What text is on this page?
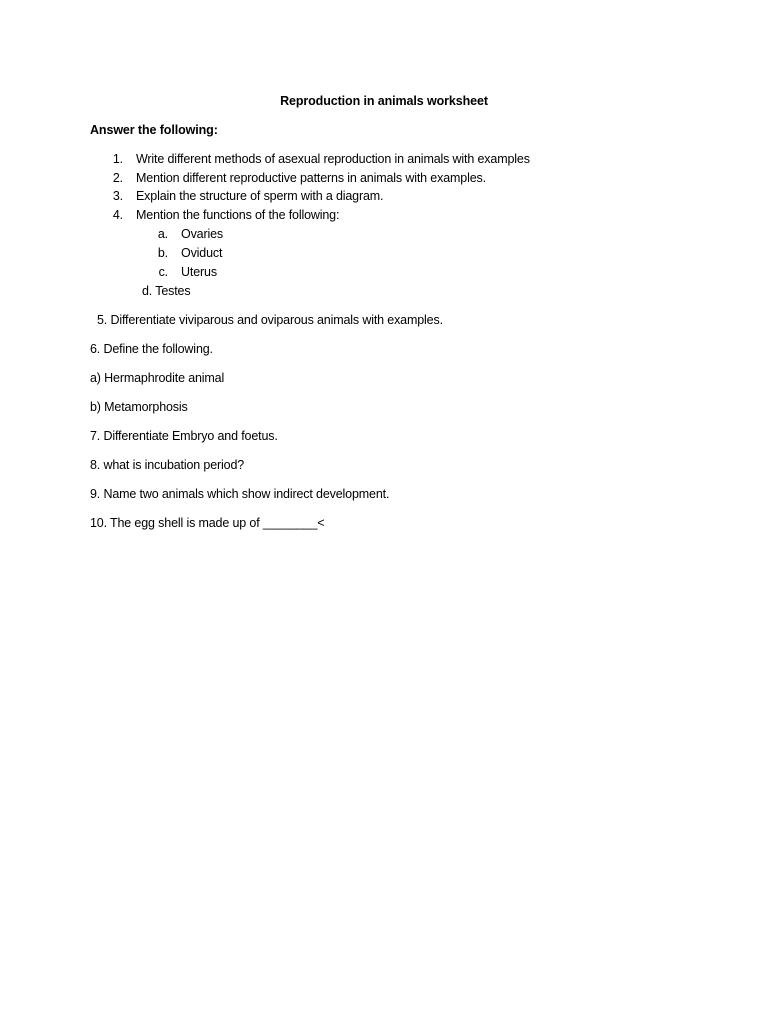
Reproduction in animals worksheet
Answer the following:
1. Write different methods of asexual reproduction in animals with examples
2. Mention different reproductive patterns in animals with examples.
3. Explain the structure of sperm with a diagram.
4. Mention the functions of the following:
a. Ovaries
b. Oviduct
c. Uterus
d. Testes
5. Differentiate viviparous and oviparous animals with examples.
6. Define the following.
a) Hermaphrodite animal
b) Metamorphosis
7. Differentiate Embryo and foetus.
8. what is incubation period?
9. Name two animals which show indirect development.
10. The egg shell is made up of ________<
